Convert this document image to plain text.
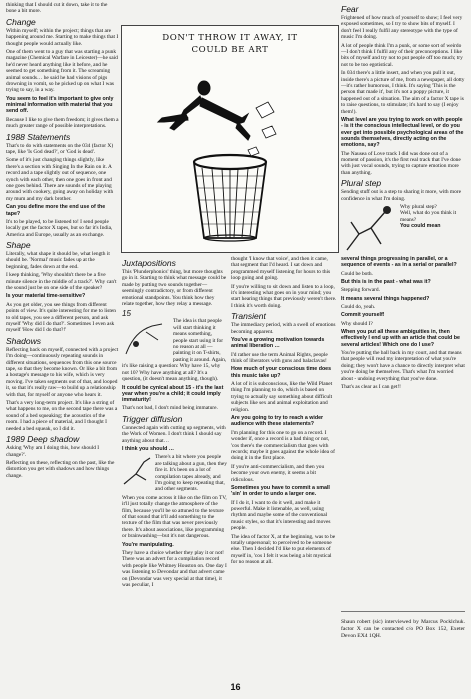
thinking that I should cut it down, take it to the bone a bit more.

Change

Within myself; within the project; things that are happening around me. Starting to make things that I thought people would actually like.

One of them went to a guy that was starting a punk magazine (Chemical Warfare in Leicester)—he said he'd never heard anything like it before, and he seemed to get something from it. The screaming animal sounds… he said he had visions of pigs drowning in vomit, so he picked up on what I was trying to say, in a way.

You seem to feel it's important to give only minimal information with material that you send off.

Because I like to give them freedom; it gives them a much greater range of possible interpretations.

1988 Statements

That's to do with statements on the 034 (factor X) tape, like 'Is God dead?', or 'God is dead'.

Some of it's just changing things slightly, like there's a section with Singing In the Rain on it. A record and a tape slightly out of sequence, one synch with each other, then one goes in front and one goes behind. There are sounds of me playing around with cookery, going away on holiday with my mum and my dark brother.

Can you define more the end use of the tape?

It's to be played, to be listened to! I send people locally get the factor X tapes, but so far it's India, America and Europe, usually as an exchange.

Shape

Literally, what shape it should be, what length it should be. 'Normal' music fades up at the beginning, fades down at the end.

I keep thinking, 'Why shouldn't there be a five minute silence in the middle of a track?'. Why can't the sound just be on one side of the speaker?

Is your material time-sensitive?

As you get older, you see things from different points of view. It's quite interesting for me to listen to old tapes, you see a different person, and ask myself 'Why did I do that?'. Sometimes I even ask myself 'How did I do that?!'

Shadows

Reflecting back on myself, connected with a project I'm doing—continuously repeating sounds in different situations, sequences from this one source tape, so that they become known. Or like a bit from a hostage's message to his wife, which is very moving. I've taken segments out of that, and looped it, so that it's really raw—to build up a relationship with that, for myself or anyone who hears it.

That's a very long-term project. It's like a string of what happens to me, on the second tape there was a sound of a bed squeaking; the acoustics of the room. I had a piece of material, and I thought I needed a bed squeak, so I did it.

1989 Deep shadow

Asking 'Why am I doing this, how should I change?'.

Reflecting on these, reflecting on the past, like the distortion you get with shadows and how things change.

DON'T THROW IT AWAY, IT
COULD BE ART
Juxtapositions

This 'Plunderphonics' thing, but more thoughts go in it. Starting to think what message could be made by putting two sounds together—seemingly contradictory, or from different emotional standpoints. You think how they relate together, how they relay a message.

15

The idea is that people will start thinking it means something, people start using it for no reason at all — painting it on T-shirts, pasting it around. Again, it's like raising a question: Why have 15, why not 10? Why have anything at all? It's a question, (it doesn't mean anything, though).

It could be cynical about 15 - it's the last year when you're a child; it could imply immaturity!

That's not bad, I don't mind being immature.

Trigger diffusion

Connected again with cutting up segments, with the Work of Women. I don't think I should say anything about that…

I think you should …

There's a bit where you people are talking about a gun, then they fire it. It's been on a lot of compilation tapes already, and I'm going to keep repeating that, and other segments.

When you come across it like on the film on TV, it'll just totally change the atmosphere of the film, because you'll be so attuned to the texture of that sound that it'll add something to the texture of the film that was never previously there. It's about associations, like programming or brainwashing—but it's not dangerous.

You're manipulating.

They have a choice whether they play it or not! There was an advert for a compilation record with people like Whitney Houston on. One day I was listening to Devondar and that advert came on (Devondar was very special at that time), it was peculiar, I

thought 'I know that voice', and then it came, that segment that I'd heard. I sat down and programmed myself listening for hours to this loop going and going.

If you're willing to sit down and listen to a loop, it's interesting what goes on in your mind; you start hearing things that previously weren't there. I think it's worth doing.

Transient

The immediacy period, with a swell of emotions becoming apparent.

You've a growing motivation towards animal liberation …

I'd rather use the term Animal Rights, people think of liberators with guns and balaclavas!

How much of your conscious time does this music take up?

A lot of it is subconscious, like the Wild Planet thing I'm planning to do, which is based on trying to actually say something about difficult subjects like sex and animal exploitation and religion.

Are you going to try to reach a wider audience with these statements?

I'm planning for this one to go on a record. I wonder if, once a record is a bad thing or not, 'cos there's the commercialism that goes with records; maybe it goes against the whole idea of doing it in the first place.

If you're anti-commercialism, and then you become your own enemy, it seems a bit ridiculous.

Sometimes you have to commit a small 'sin' in order to undo a larger one.

If I do it, I want to do it well, and make it powerful. Make it listenable, as well, using rhythm and maybe some of the conventional music styles, so that it's interesting and moves people.

The idea of factor X, at the beginning, was to be totally unpersonal; to perceived to be someone else. Then I decided I'd like to put elements of myself in, 'cos I felt it was being a bit mystical for no reason at all.

Fear

Frightened of how much of yourself to show; I feel very exposed sometimes, so I try to show bits of myself. I don't feel I really fulfil any stereotype with the type of music I'm doing.

A lot of people think I'm a punk, or some sort of weirdo—I don't think I fulfil any of their preconceptions. I like bits of myself and try not to put people off too much; try not to be too egotistical.

In 034 there's a little insert, and when you pull it out, inside there's a picture of me, from a newspaper, all dotty—it's rather humorous, I think. It's saying 'This is the person that made it', but it's not a poppy picture, it happened out of a situation. The aim of a factor X tape is to raise questions, to stimulate; it's hard to say (I enjoy them!).

What level are you trying to work on with people - is it the conscious intellectual level, or do you ever get into possible psychological areas of the sounds themselves, directly acting on the emotions, say?

The Nausea of Love track I did was done out of a moment of passion, it's the first real track that I've done with just vocal sounds, trying to capture emotion more than anything.

Plural step

Sending stuff out is a step to sharing it more, with more confidence in what I'm doing.

Why plural step?

Well, what do you think it means?

You could mean

several things progressing in parallel, or a sequence of events - as in a serial or parallel?

Could be both.

But this is in the past - what was it?

Stepping forward.

It means several things happened?

Could do, yeah.

Commit yourself!

Why should I?

When you put all these ambiguities in, then effectively I end up with an article that could be several articles! Which one do I use?

You're putting the ball back in my court, and that means that people will read my interpretation of what you're doing; they won't have a chance to directly interpret what you're doing be themselves. That's what I'm worried about - undoing everything that you've done.

That's as clear as I can get!!

Shaun robert (sic) interviewed by Marcus Pocklchuk. factor X can be contacted c/o PO Box 152, Exeter Devon EX4 1QH.
16
